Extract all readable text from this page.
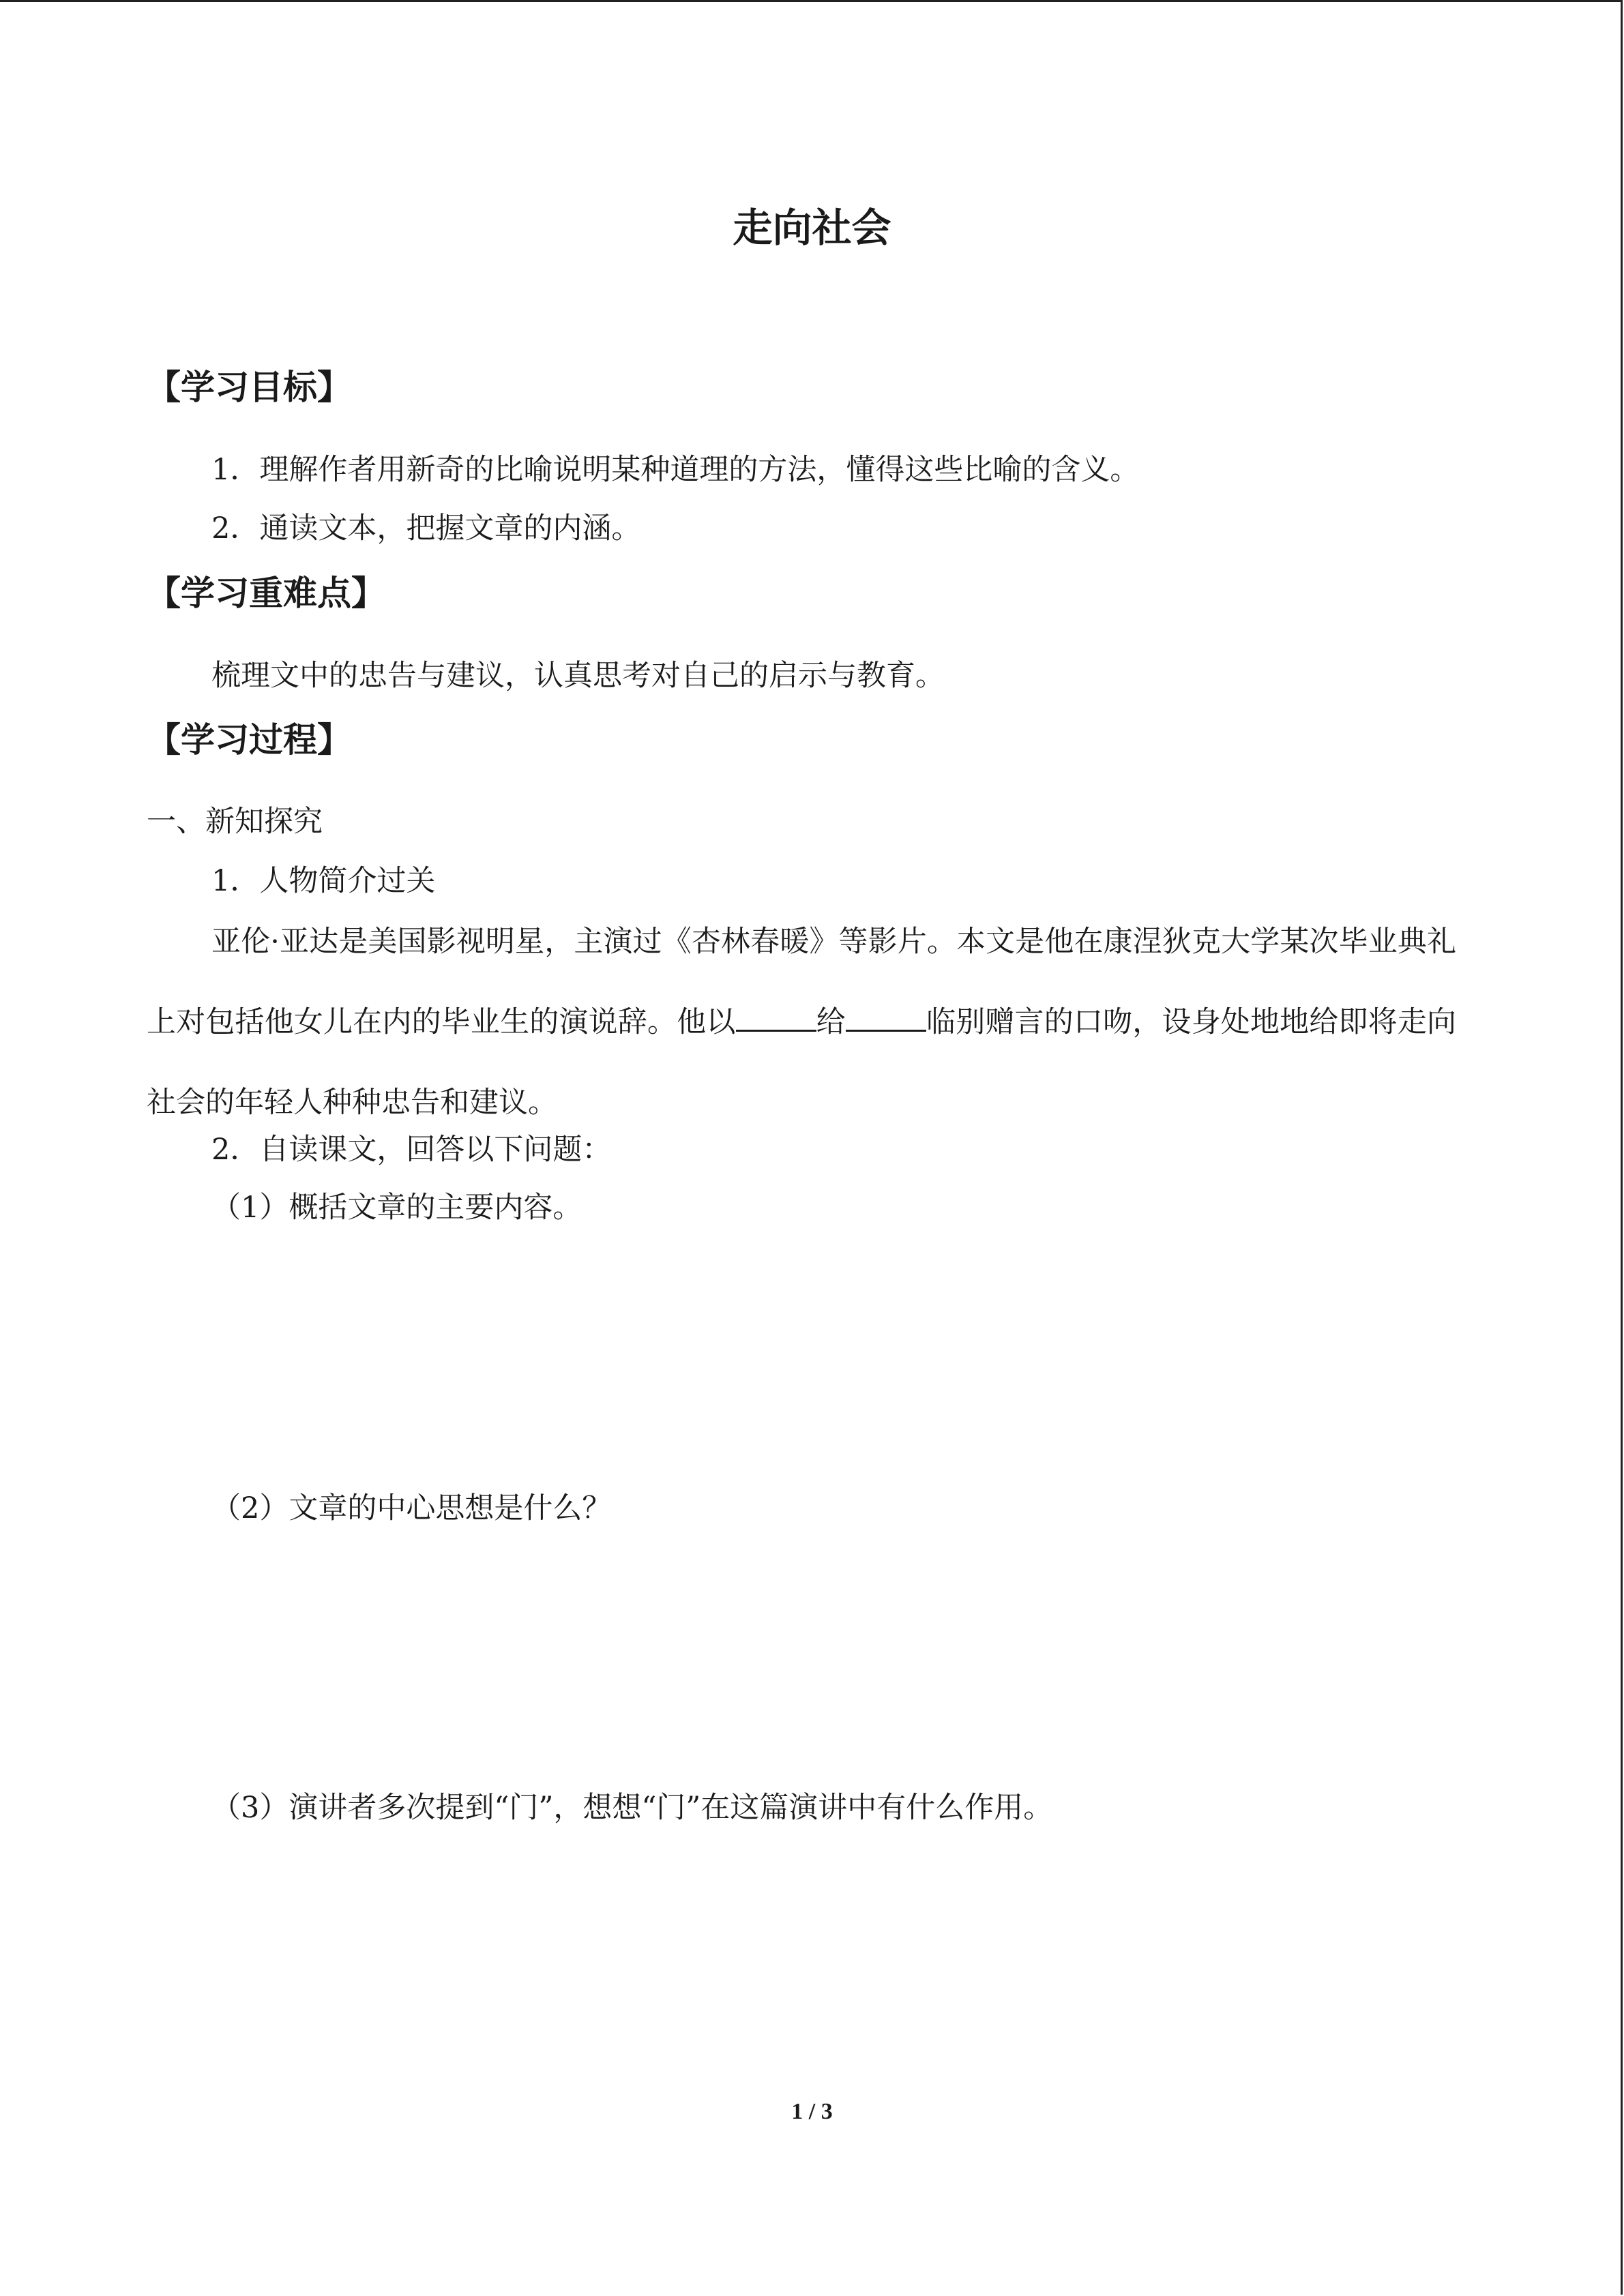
走向社会
【学习目标】
1．理解作者用新奇的比喻说明某种道理的方法，懂得这些比喻的含义。
2．通读文本，把握文章的内涵。
【学习重难点】
梳理文中的忠告与建议，认真思考对自己的启示与教育。
【学习过程】
一、新知探究
1．人物简介过关

亚伦·亚达是美国影视明星，主演过《杏林春暖》等影片。本文是他在康涅狄克大学某次毕业典礼上对包括他女儿在内的毕业生的演说辞。他以	给	临别赠言的口吻，设身处地地给即将走向社会的年轻人种种忠告和建议。

2．自读课文，回答以下问题：
（1）概括文章的主要内容。
（2）文章的中心思想是什么？
（3）演讲者多次提到“门”，想想“门”在这篇演讲中有什么作用。
1 / 3
